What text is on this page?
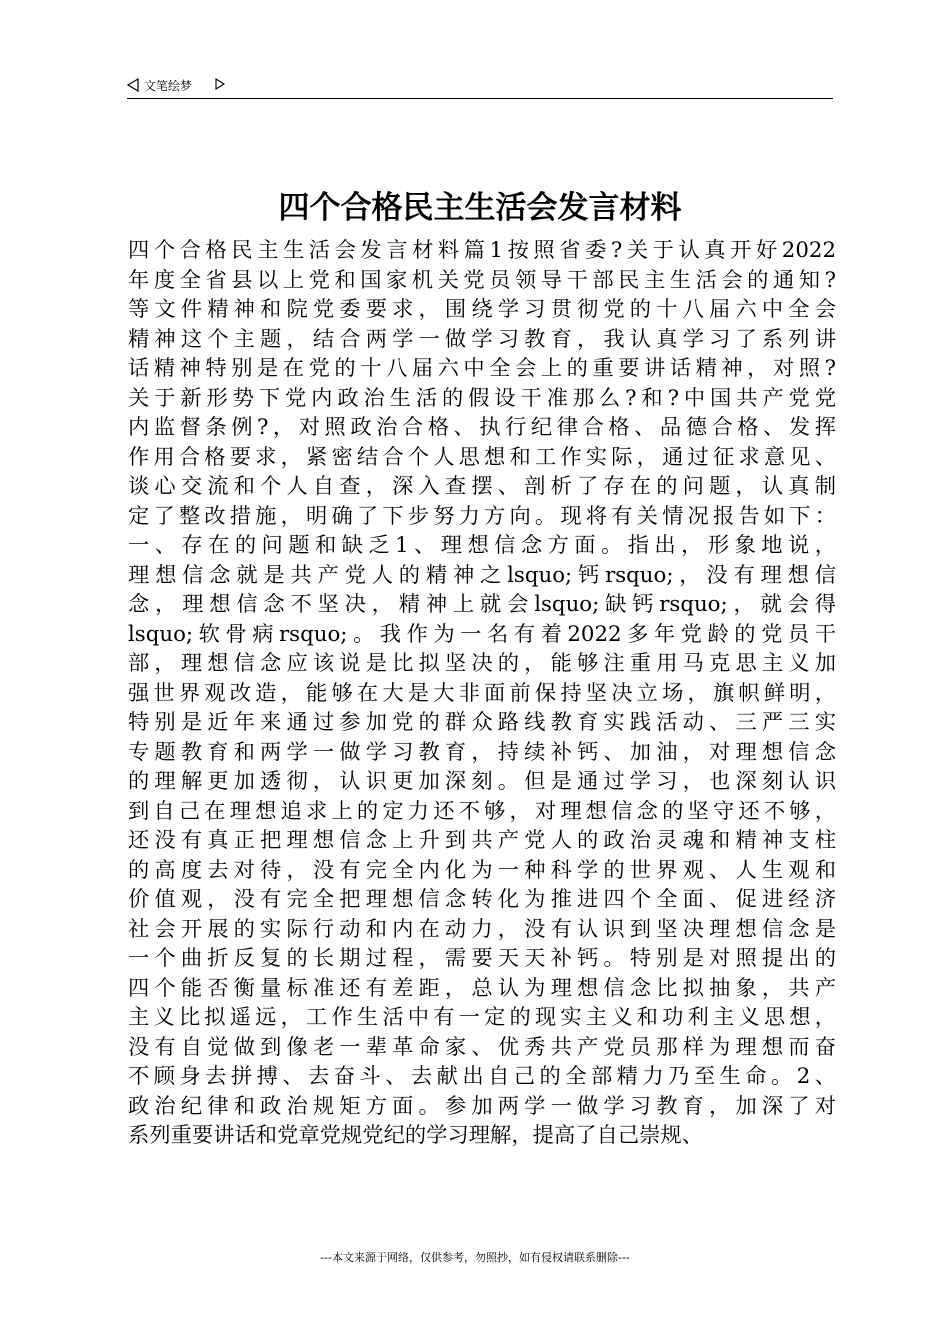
文笔绘梦
四个合格民主生活会发言材料
四个合格民主生活会发言材料篇1按照省委?关于认真开好2022
年度全省县以上党和国家机关党员领导干部民主生活会的通知?
等文件精神和院党委要求，围绕学习贯彻党的十八届六中全会
精神这个主题，结合两学一做学习教育，我认真学习了系列讲
话精神特别是在党的十八届六中全会上的重要讲话精神，对照?
关于新形势下党内政治生活的假设干准那么?和?中国共产党党
内监督条例?，对照政治合格、执行纪律合格、品德合格、发挥
作用合格要求，紧密结合个人思想和工作实际，通过征求意见、
谈心交流和个人自查，深入查摆、剖析了存在的问题，认真制
定了整改措施，明确了下步努力方向。现将有关情况报告如下：
一、存在的问题和缺乏1、理想信念方面。指出，形象地说，
理想信念就是共产党人的精神之lsquo;钙rsquo;，没有理想信
念，理想信念不坚决，精神上就会lsquo;缺钙rsquo;，就会得
lsquo;软骨病rsquo;。我作为一名有着2022多年党龄的党员干
部，理想信念应该说是比拟坚决的，能够注重用马克思主义加
强世界观改造，能够在大是大非面前保持坚决立场，旗帜鲜明，
特别是近年来通过参加党的群众路线教育实践活动、三严三实
专题教育和两学一做学习教育，持续补钙、加油，对理想信念
的理解更加透彻，认识更加深刻。但是通过学习，也深刻认识
到自己在理想追求上的定力还不够，对理想信念的坚守还不够，
还没有真正把理想信念上升到共产党人的政治灵魂和精神支柱
的高度去对待，没有完全内化为一种科学的世界观、人生观和
价值观，没有完全把理想信念转化为推进四个全面、促进经济
社会开展的实际行动和内在动力，没有认识到坚决理想信念是
一个曲折反复的长期过程，需要天天补钙。特别是对照提出的
四个能否衡量标准还有差距，总认为理想信念比拟抽象，共产
主义比拟遥远，工作生活中有一定的现实主义和功利主义思想，
没有自觉做到像老一辈革命家、优秀共产党员那样为理想而奋
不顾身去拼搏、去奋斗、去献出自己的全部精力乃至生命。2、
政治纪律和政治规矩方面。参加两学一做学习教育，加深了对
系列重要讲话和党章党规党纪的学习理解，提高了自己崇规、
---本文来源于网络，仅供参考，勿照抄，如有侵权请联系删除---
